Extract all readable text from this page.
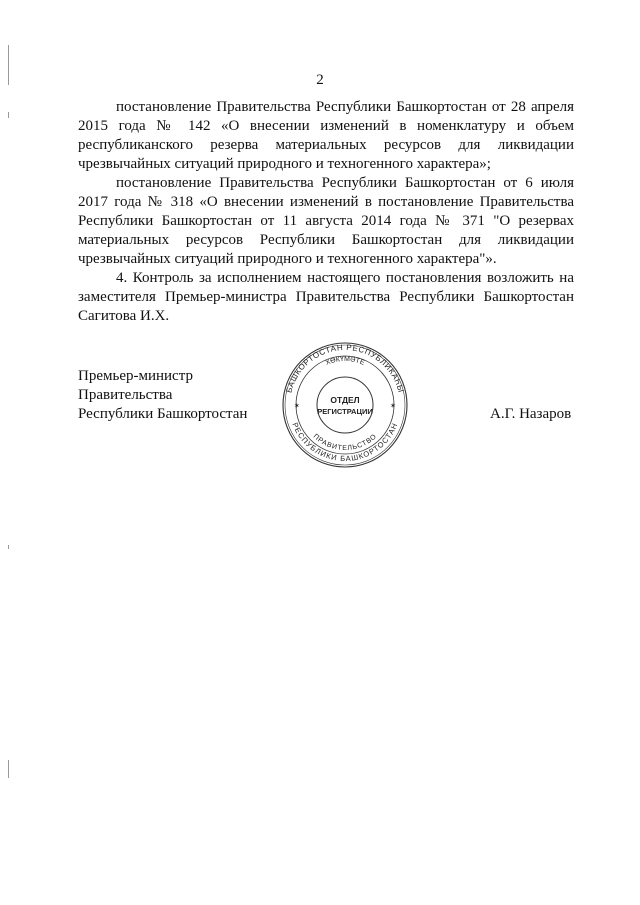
2

постановление Правительства Республики Башкортостан от 28 апреля 2015 года № 142 «О внесении изменений в номенклатуру и объем республиканского резерва материальных ресурсов для ликвидации чрезвычайных ситуаций природного и техногенного характера»;

постановление Правительства Республики Башкортостан от 6 июля 2017 года № 318 «О внесении изменений в постановление Правительства Республики Башкортостан от 11 августа 2014 года № 371 "О резервах материальных ресурсов Республики Башкортостан для ликвидации чрезвычайных ситуаций природного и техногенного характера"».

4. Контроль за исполнением настоящего постановления возложить на заместителя Премьер-министра Правительства Республики Башкортостан Сагитова И.Х.

Премьер-министр
Правительства
Республики Башкортостан
БАШКОРТОСТАН РЕСПУБЛИКАҺЫ
РЕСПУБЛИКИ БАШКОРТОСТАН
ХӨКҮМӘТЕ
ПРАВИТЕЛЬСТВО
ОТДЕЛ
РЕГИСТРАЦИИ
✶	✶	А.Г. Назаров
